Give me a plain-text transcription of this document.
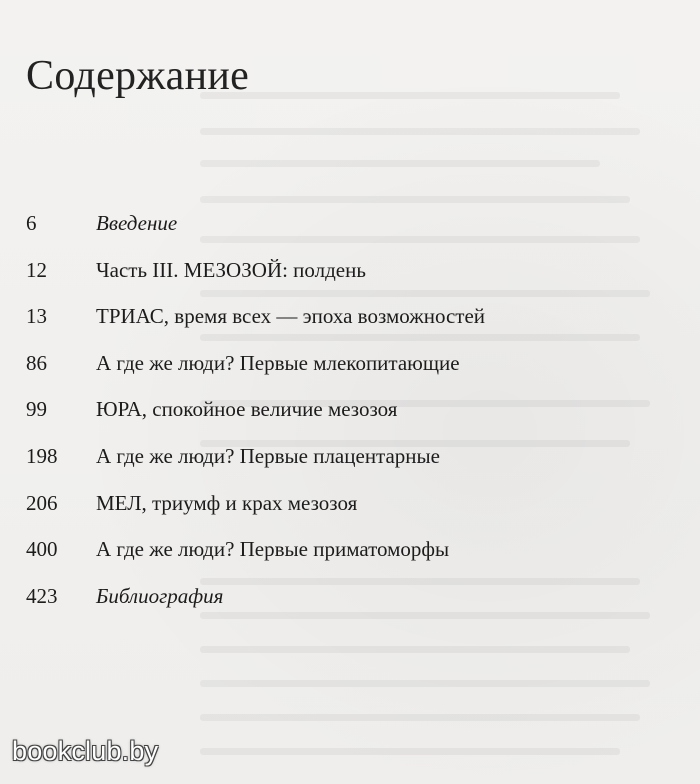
Содержание
6	Введение
12	Часть III. МЕЗОЗОЙ: полдень
13	ТРИАС, время всех — эпоха возможностей
86	А где же люди? Первые млекопитающие
99	ЮРА, спокойное величие мезозоя
198	А где же люди? Первые плацентарные
206	МЕЛ, триумф и крах мезозоя
400	А где же люди? Первые приматоморфы
423	Библиография
bookclub.by
